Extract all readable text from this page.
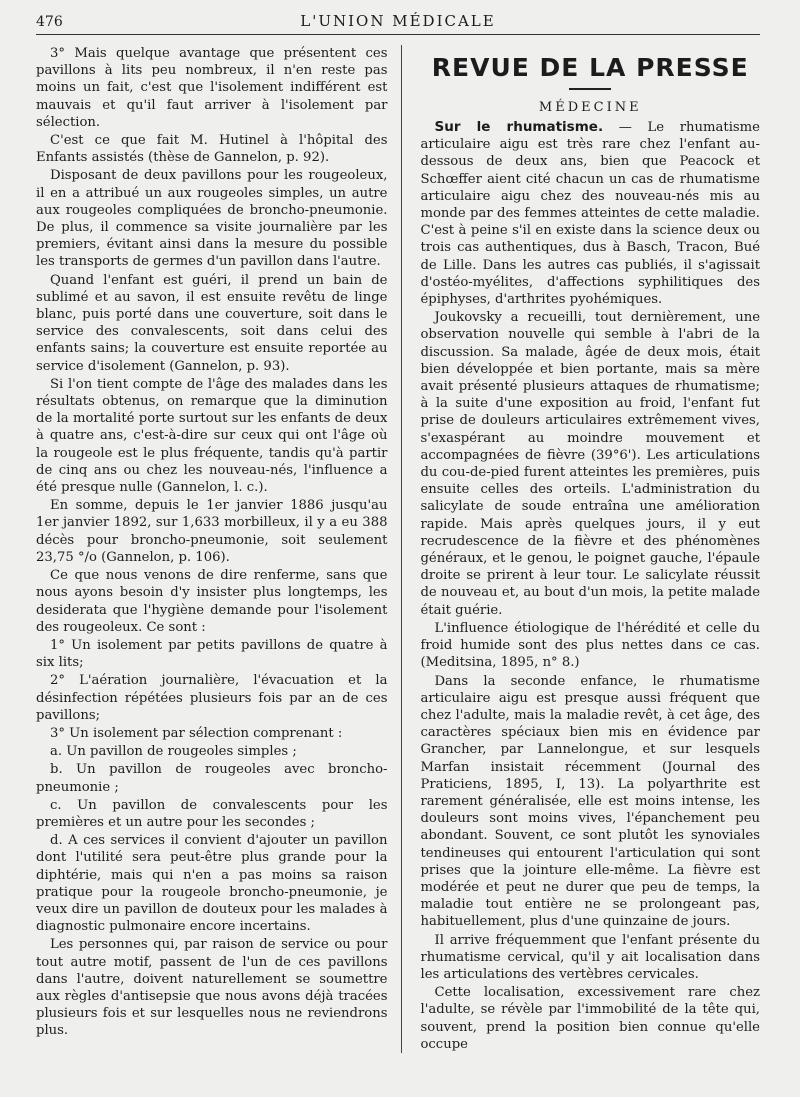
476	L'UNION MÉDICALE

3° Mais quelque avantage que présentent ces pavillons à lits peu nombreux, il n'en reste pas moins un fait, c'est que l'isolement indifférent est mauvais et qu'il faut arriver à l'isolement par sélection.

C'est ce que fait M. Hutinel à l'hôpital des Enfants assistés (thèse de Gannelon, p. 92).

Disposant de deux pavillons pour les rougeoleux, il en a attribué un aux rougeoles simples, un autre aux rougeoles compliquées de broncho-pneumonie. De plus, il commence sa visite journalière par les premiers, évitant ainsi dans la mesure du possible les transports de germes d'un pavillon dans l'autre.

Quand l'enfant est guéri, il prend un bain de sublimé et au savon, il est ensuite revêtu de linge blanc, puis porté dans une couverture, soit dans le service des convalescents, soit dans celui des enfants sains; la couverture est ensuite reportée au service d'isolement (Gannelon, p. 93).

Si l'on tient compte de l'âge des malades dans les résultats obtenus, on remarque que la diminution de la mortalité porte surtout sur les enfants de deux à quatre ans, c'est-à-dire sur ceux qui ont l'âge où la rougeole est le plus fréquente, tandis qu'à partir de cinq ans ou chez les nouveau-nés, l'influence a été presque nulle (Gannelon, l. c.).

En somme, depuis le 1er janvier 1886 jusqu'au 1er janvier 1892, sur 1,633 morbilleux, il y a eu 388 décès pour broncho-pneumonie, soit seulement 23,75 °/o (Gannelon, p. 106).

Ce que nous venons de dire renferme, sans que nous ayons besoin d'y insister plus longtemps, les desiderata que l'hygiène demande pour l'isolement des rougeoleux. Ce sont :

1° Un isolement par petits pavillons de quatre à six lits;

2° L'aération journalière, l'évacuation et la désinfection répétées plusieurs fois par an de ces pavillons;

3° Un isolement par sélection comprenant :

a. Un pavillon de rougeoles simples ;

b. Un pavillon de rougeoles avec broncho-pneumonie ;

c. Un pavillon de convalescents pour les premières et un autre pour les secondes ;

d. A ces services il convient d'ajouter un pavillon dont l'utilité sera peut-être plus grande pour la diphtérie, mais qui n'en a pas moins sa raison pratique pour la rougeole broncho-pneumonie, je veux dire un pavillon de douteux pour les malades à diagnostic pulmonaire encore incertains.

Les personnes qui, par raison de service ou pour tout autre motif, passent de l'un de ces pavillons dans l'autre, doivent naturellement se soumettre aux règles d'antisepsie que nous avons déjà tracées plusieurs fois et sur lesquelles nous ne reviendrons plus.

REVUE DE LA PRESSE
MÉDECINE

Sur le rhumatisme. — Le rhumatisme articulaire aigu est très rare chez l'enfant au-dessous de deux ans, bien que Peacock et Schœffer aient cité chacun un cas de rhumatisme articulaire aigu chez des nouveau-nés mis au monde par des femmes atteintes de cette maladie. C'est à peine s'il en existe dans la science deux ou trois cas authentiques, dus à Basch, Tracon, Bué de Lille. Dans les autres cas publiés, il s'agissait d'ostéo-myélites, d'affections syphilitiques des épiphyses, d'arthrites pyohémiques.

Joukovsky a recueilli, tout dernièrement, une observation nouvelle qui semble à l'abri de la discussion. Sa malade, âgée de deux mois, était bien développée et bien portante, mais sa mère avait présenté plusieurs attaques de rhumatisme; à la suite d'une exposition au froid, l'enfant fut prise de douleurs articulaires extrêmement vives, s'exaspérant au moindre mouvement et accompagnées de fièvre (39°6'). Les articulations du cou-de-pied furent atteintes les premières, puis ensuite celles des orteils. L'administration du salicylate de soude entraîna une amélioration rapide. Mais après quelques jours, il y eut recrudescence de la fièvre et des phénomènes généraux, et le genou, le poignet gauche, l'épaule droite se prirent à leur tour. Le salicylate réussit de nouveau et, au bout d'un mois, la petite malade était guérie.

L'influence étiologique de l'hérédité et celle du froid humide sont des plus nettes dans ce cas. (Meditsina, 1895, n° 8.)

Dans la seconde enfance, le rhumatisme articulaire aigu est presque aussi fréquent que chez l'adulte, mais la maladie revêt, à cet âge, des caractères spéciaux bien mis en évidence par Grancher, par Lannelongue, et sur lesquels Marfan insistait récemment (Journal des Praticiens, 1895, I, 13). La polyarthrite est rarement généralisée, elle est moins intense, les douleurs sont moins vives, l'épanchement peu abondant. Souvent, ce sont plutôt les synoviales tendineuses qui entourent l'articulation qui sont prises que la jointure elle-même. La fièvre est modérée et peut ne durer que peu de temps, la maladie tout entière ne se prolongeant pas, habituellement, plus d'une quinzaine de jours.

Il arrive fréquemment que l'enfant présente du rhumatisme cervical, qu'il y ait localisation dans les articulations des vertèbres cervicales.

Cette localisation, excessivement rare chez l'adulte, se révèle par l'immobilité de la tête qui, souvent, prend la position bien connue qu'elle occupe
